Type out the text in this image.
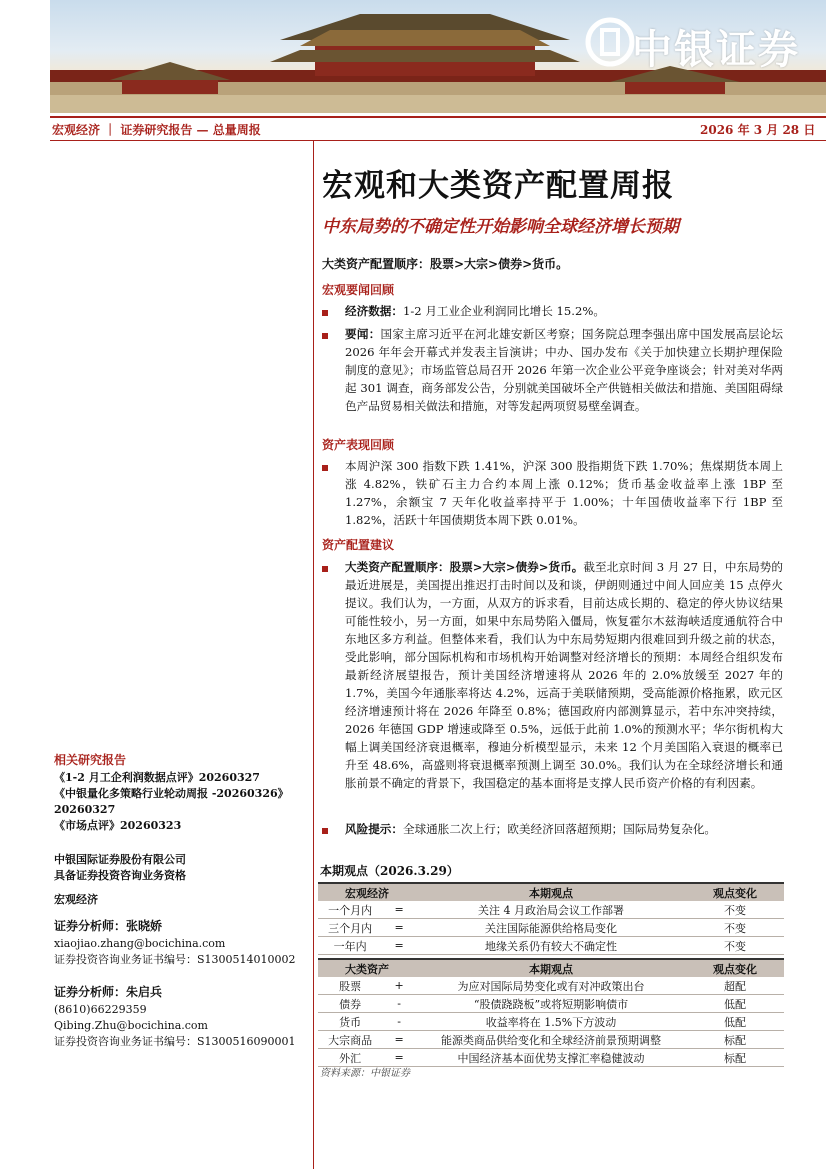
中银证券
宏观经济 ｜ 证券研究报告 — 总量周报	2026 年 3 月 28 日
宏观和大类资产配置周报
中东局势的不确定性开始影响全球经济增长预期
大类资产配置顺序：股票>大宗>债券>货币。
宏观要闻回顾
经济数据：1-2 月工业企业利润同比增长 15.2%。
要闻：国家主席习近平在河北雄安新区考察；国务院总理李强出席中国发展高层论坛 2026 年年会开幕式并发表主旨演讲；中办、国办发布《关于加快建立长期护理保险制度的意见》；市场监管总局召开 2026 年第一次企业公平竞争座谈会；针对美对华两起 301 调查，商务部发公告，分别就美国破坏全产供链相关做法和措施、美国阻碍绿色产品贸易相关做法和措施，对等发起两项贸易壁垒调查。
资产表现回顾
本周沪深 300 指数下跌 1.41%，沪深 300 股指期货下跌 1.70%；焦煤期货本周上涨 4.82%，铁矿石主力合约本周上涨 0.12%；货币基金收益率上涨 1BP 至 1.27%，余额宝 7 天年化收益率持平于 1.00%；十年国债收益率下行 1BP 至 1.82%，活跃十年国债期货本周下跌 0.01%。
资产配置建议
大类资产配置顺序：股票>大宗>债券>货币。截至北京时间 3 月 27 日，中东局势的最近进展是，美国提出推迟打击时间以及和谈，伊朗则通过中间人回应美 15 点停火提议。我们认为，一方面，从双方的诉求看，目前达成长期的、稳定的停火协议结果可能性较小，另一方面，如果中东局势陷入僵局，恢复霍尔木兹海峡适度通航符合中东地区多方利益。但整体来看，我们认为中东局势短期内很难回到升级之前的状态，受此影响，部分国际机构和市场机构开始调整对经济增长的预期：本周经合组织发布最新经济展望报告，预计美国经济增速将从 2026 年的 2.0%放缓至 2027 年的 1.7%，美国今年通胀率将达 4.2%，远高于美联储预期，受高能源价格拖累，欧元区经济增速预计将在 2026 年降至 0.8%；德国政府内部测算显示，若中东冲突持续，2026 年德国 GDP 增速或降至 0.5%，远低于此前 1.0%的预测水平；华尔街机构大幅上调美国经济衰退概率，穆迪分析模型显示，未来 12 个月美国陷入衰退的概率已升至 48.6%，高盛则将衰退概率预测上调至 30.0%。我们认为在全球经济增长和通胀前景不确定的背景下，我国稳定的基本面将是支撑人民币资产价格的有利因素。
风险提示：全球通胀二次上行；欧美经济回落超预期；国际局势复杂化。
相关研究报告
《1-2 月工企利润数据点评》20260327
《中银量化多策略行业轮动周报 -20260326》20260327
《市场点评》20260323
中银国际证券股份有限公司
具备证券投资咨询业务资格
宏观经济
证券分析师：张晓娇
xiaojiao.zhang@bocichina.com
证券投资咨询业务证书编号：S1300514010002
证券分析师：朱启兵
(8610)66229359
Qibing.Zhu@bocichina.com
证券投资咨询业务证书编号：S1300516090001
本期观点（2026.3.29）
宏观经济		本期观点	观点变化
一个月内	=	关注 4 月政治局会议工作部署	不变
三个月内	=	关注国际能源供给格局变化	不变
一年内	=	地缘关系仍有较大不确定性	不变
大类资产		本期观点	观点变化
股票	+	为应对国际局势变化或有对冲政策出台	超配
债券	-	“股债跷跷板”或将短期影响债市	低配
货币	-	收益率将在 1.5%下方波动	低配
大宗商品	=	能源类商品供给变化和全球经济前景预期调整	标配
外汇	=	中国经济基本面优势支撑汇率稳健波动	标配
资料来源：中银证券
